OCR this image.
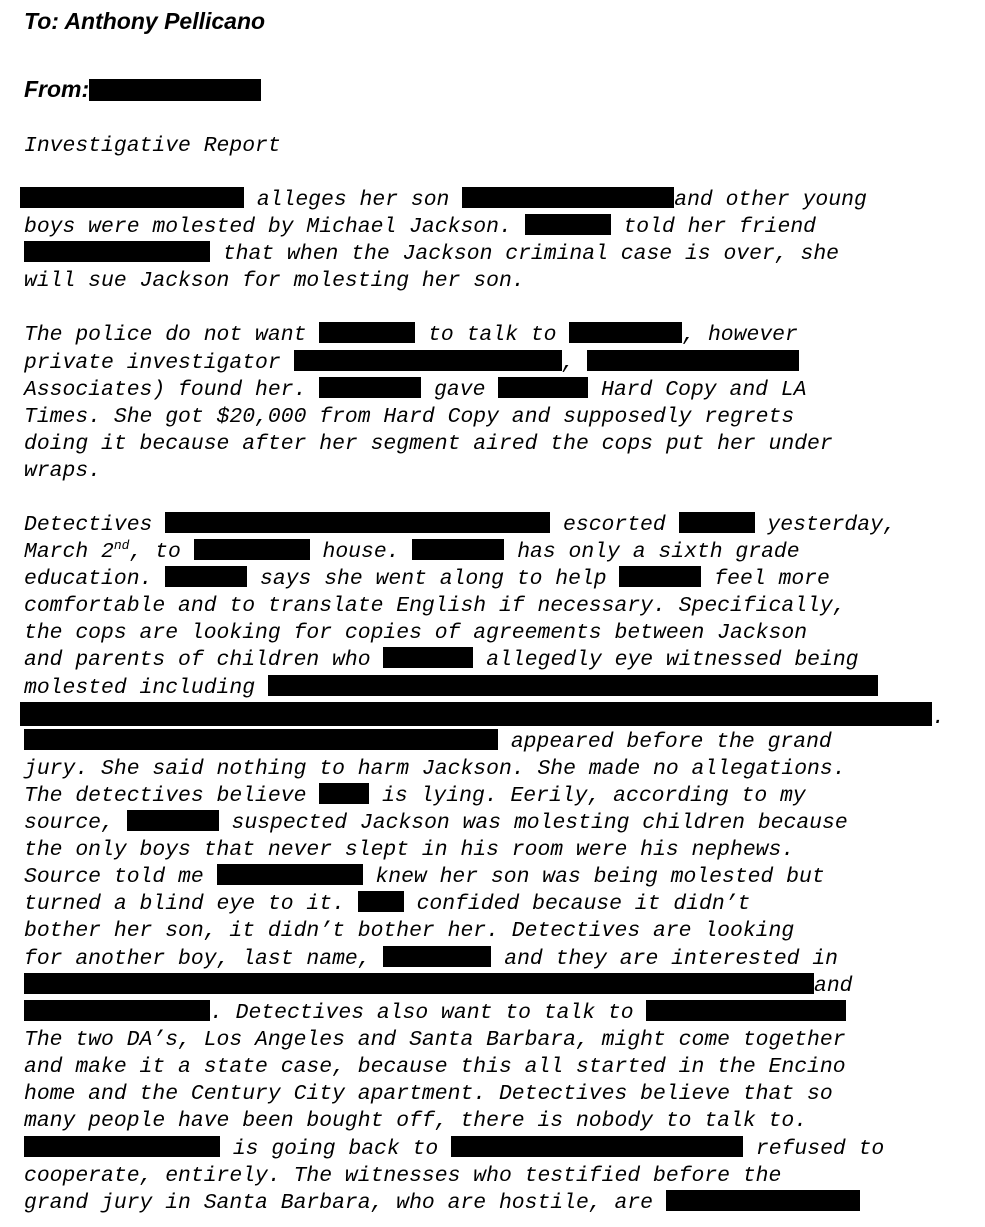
To: Anthony Pellicano
From:
Investigative Report
alleges her son	and other young
boys were molested by Michael Jackson.	told her friend
that when the Jackson criminal case is over, she
will sue Jackson for molesting her son.
The police do not want	to talk to	, however
private investigator	,
Associates) found her.	gave	Hard Copy and LA
Times. She got $20,000 from Hard Copy and supposedly regrets
doing it because after her segment aired the cops put her under
wraps.
Detectives	escorted	yesterday,
March 2nd, to	house.	has only a sixth grade
education.	says she went along to help	feel more
comfortable and to translate English if necessary. Specifically,
the cops are looking for copies of agreements between Jackson
and parents of children who	allegedly eye witnessed being
molested including
.
appeared before the grand
jury. She said nothing to harm Jackson. She made no allegations.
The detectives believe  is lying. Eerily, according to my
source,	suspected Jackson was molesting children because
the only boys that never slept in his room were his nephews.
Source told me	knew her son was being molested but
turned a blind eye to it.  confided because it didn’t
bother her son, it didn’t bother her. Detectives are looking
for another boy, last name,	and they are interested in
and
. Detectives also want to talk to
The two DA’s, Los Angeles and Santa Barbara, might come together
and make it a state case, because this all started in the Encino
home and the Century City apartment. Detectives believe that so
many people have been bought off, there is nobody to talk to.
is going back to	refused to
cooperate, entirely. The witnesses who testified before the
grand jury in Santa Barbara, who are hostile, are
